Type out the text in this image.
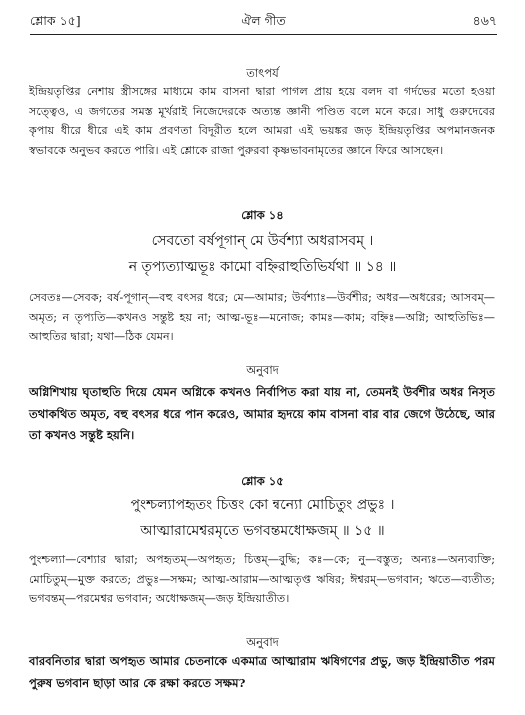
শ্লোক ১৫]	ঐল গীত	৪৬৭
তাৎপর্য
ইন্দ্রিয়তৃপ্তির নেশায় স্ত্রীসঙ্গের মাধ্যমে কাম বাসনা দ্বারা পাগল প্রায় হয়ে বলদ বা গর্দভের মতো হওয়া সত্ত্বেও, এ জগতের সমস্ত মূর্খরাই নিজেদেরকে অত্যন্ত জ্ঞানী পণ্ডিত বলে মনে করে। সাধু গুরুদেবের কৃপায় ধীরে ধীরে এই কাম প্রবণতা বিদূরীত হলে আমরা এই ভয়ঙ্কর জড় ইন্দ্রিয়তৃপ্তির অপমানজনক স্বভাবকে অনুভব করতে পারি। এই শ্লোকে রাজা পুরুরবা কৃষ্ণভাবনামৃতের জ্ঞানে ফিরে আসছেন।
শ্লোক ১৪
সেবতো বর্ষপূগান্ মে উর্বশ্যা অধরাসবম্ ।
ন তৃপ্যত্যাত্মভূঃ কামো বহ্নিরাহুতিভির্যথা ॥ ১৪ ॥
সেবতঃ—সেবক; বর্ষ-পূগান্—বহু বৎসর ধরে; মে—আমার; উর্বশ্যাঃ—উর্বশীর; অধর—অধরের; আসবম্—অমৃত; ন তৃপ্যতি—কখনও সন্তুষ্ট হয় না; আত্ম-ভূঃ—মনোজ; কামঃ—কাম; বহ্নিঃ—অগ্নি; আহুতিভিঃ—আহুতির দ্বারা; যথা—ঠিক যেমন।
অনুবাদ
অগ্নিশিখায় ঘৃতাহুতি দিয়ে যেমন অগ্নিকে কখনও নির্বাপিত করা যায় না, তেমনই উর্বশীর অধর নিসৃত তথাকথিত অমৃত, বহু বৎসর ধরে পান করেও, আমার হৃদয়ে কাম বাসনা বার বার জেগে উঠেছে, আর তা কখনও সন্তুষ্ট হয়নি।
শ্লোক ১৫
পুংশ্চল্যাপহৃতং চিত্তং কো ন্বন্যো মোচিতুং প্রভুঃ ।
আত্মারামেশ্বরমৃতে ভগবন্তমধোক্ষজম্ ॥ ১৫ ॥
পুংশ্চল্যা—বেশ্যার দ্বারা; অপহৃতম্—অপহৃত; চিত্তম্—বুদ্ধি; কঃ—কে; নু—বস্তুত; অন্যঃ—অন্যব্যক্তি; মোচিতুম্—মুক্ত করতে; প্রভুঃ—সক্ষম; আত্ম-আরাম—আত্মতৃপ্ত ঋষির; ঈশ্বরম্—ভগবান; ঋতে—ব্যতীত; ভগবন্তম্—পরমেশ্বর ভগবান; অধোক্ষজম্—জড় ইন্দ্রিয়াতীত।
অনুবাদ
বারবনিতার দ্বারা অপহৃত আমার চেতনাকে একমাত্র আত্মারাম ঋষিগণের প্রভু, জড় ইন্দ্রিয়াতীত পরম পুরুষ ভগবান ছাড়া আর কে রক্ষা করতে সক্ষম?
